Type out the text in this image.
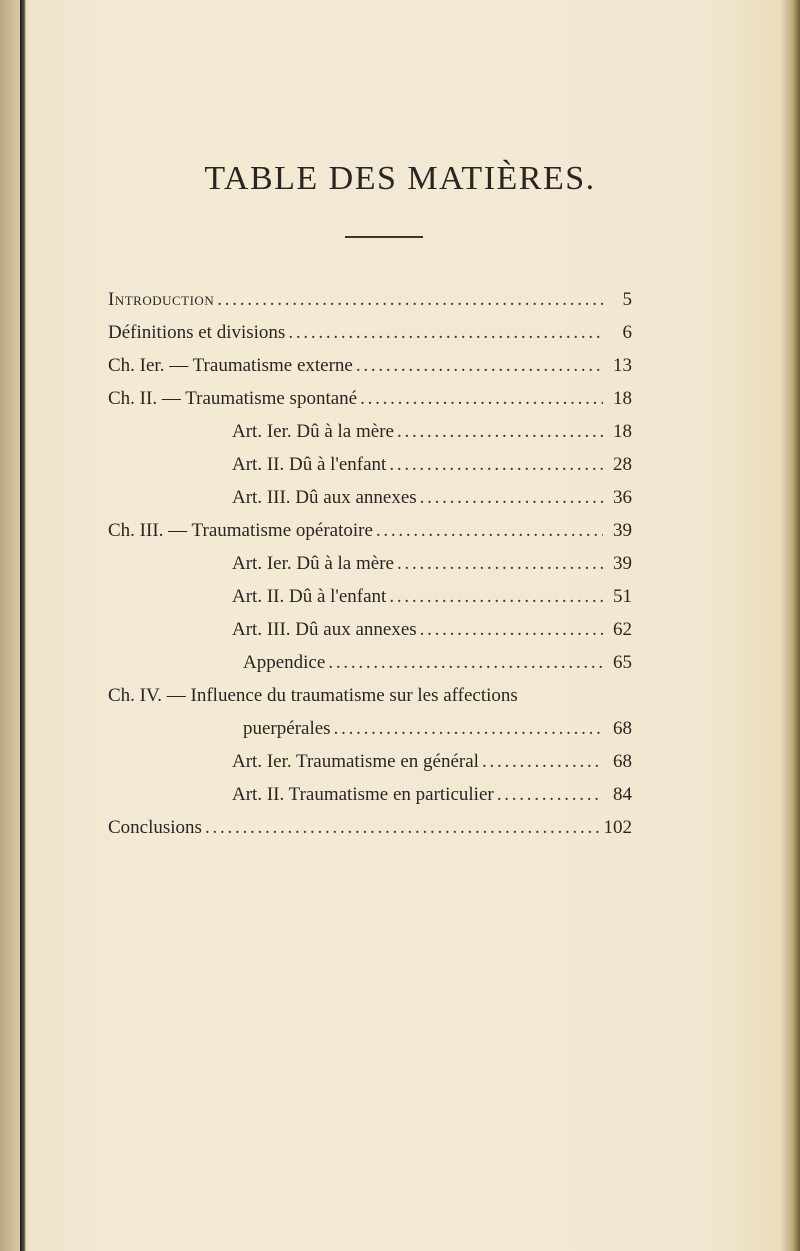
TABLE DES MATIÈRES.
Introduction . . .	5
Définitions et divisions . . .	6
Ch. Ier. — Traumatisme externe . . .	13
Ch. II. — Traumatisme spontané . . .	18
Art. Ier. Dû à la mère . . .	18
Art. II. Dû à l'enfant . . .	28
Art. III. Dû aux annexes . . .	36
Ch. III. — Traumatisme opératoire . . .	39
Art. Ier. Dû à la mère . . .	39
Art. II. Dû à l'enfant . . .	51
Art. III. Dû aux annexes . . .	62
Appendice . . .	65
Ch. IV. — Influence du traumatisme sur les affections
puerpérales . . .	68
Art. Ier. Traumatisme en général . . .	68
Art. II. Traumatisme en particulier . . .	84
Conclusions . . .	102
